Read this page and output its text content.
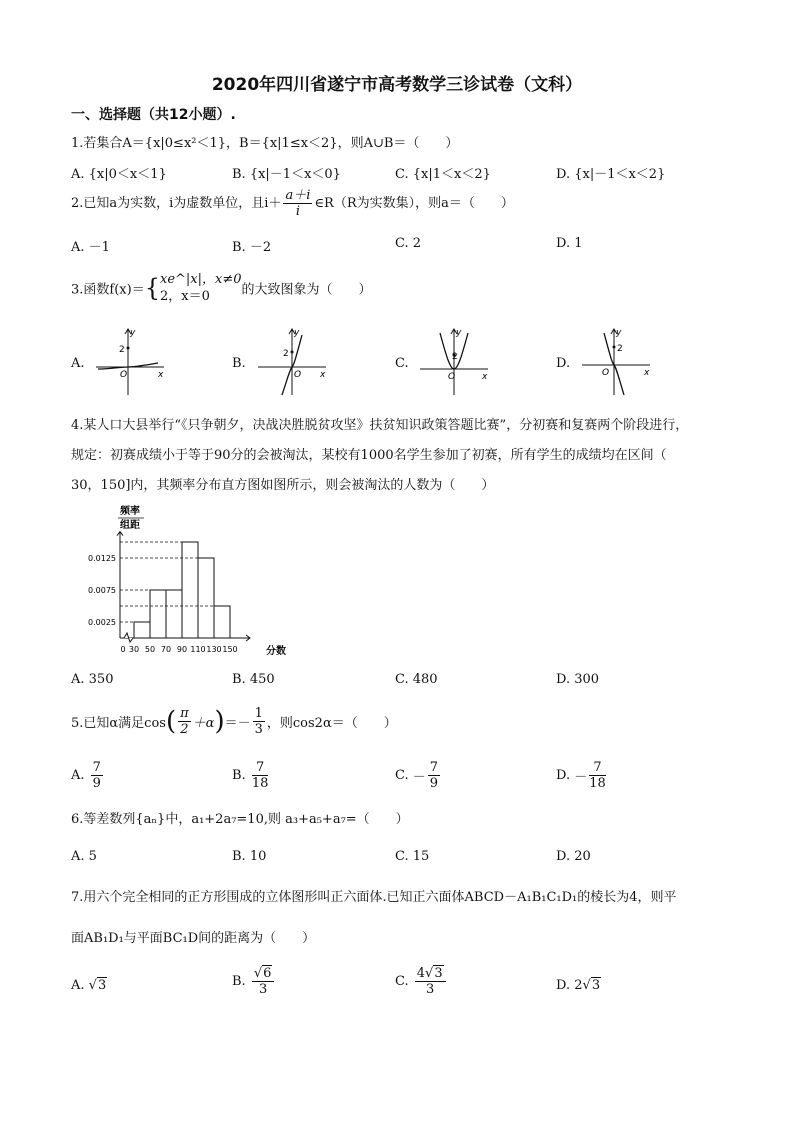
2020年四川省遂宁市高考数学三诊试卷（文科）
一、选择题（共12小题）.
1.若集合A＝{x|0≤x²＜1}，B＝{x|1≤x＜2}，则A∪B＝（　　）
A. {x|0＜x＜1}	B. {x|－1＜x＜0}	C. {x|1＜x＜2}	D. {x|－1＜x＜2}
2.已知a为实数，i为虚数单位，且$i+ \frac{a+i}{i}$ ∈R（R为实数集），则a＝（　　）
A. －1	B. －2	C. 2	D. 1
3.函数f(x)＝{ xe^|x|，x≠0
2，x＝0	的大致图象为（　　）
A.	B.	C.	D.
y
x
O
2
y
x
O
2
y
x
O
2
y
x
O
2
4.某人口大县举行“《只争朝夕，决战决胜脱贫攻坚》扶贫知识政策答题比赛”，分初赛和复赛两个阶段进行，
规定：初赛成绩小于等于90分的会被淘汰，某校有1000名学生参加了初赛，所有学生的成绩均在区间（
30，150]内，其频率分布直方图如图所示，则会被淘汰的人数为（　　）
频率
组距
分数
0.0025
0.0075
0.0125
0 30 50 70 90 110 130 150
A. 350	B. 450	C. 480	D. 300
5.已知α满足$\cos( \frac{\pi}{2} +\alpha)=- \frac{1}{3}$ ，则cos2α＝（　　）
A. $\frac{7}{9}$	B. $\frac{7}{18}$	C. － $\frac{7}{9}$	D. － $\frac{7}{18}$
6.等差数列{aₙ}中，a₁+2a₇=10,则 a₃+a₅+a₇=（　　）
A. 5	B. 10	C. 15	D. 20
7.用六个完全相同的正方形围成的立体图形叫正六面体.已知正六面体ABCD－A₁B₁C₁D₁的棱长为4，则平
面AB₁D₁与平面BC₁D间的距离为（　　）
A. √3	B. $\frac{√6}{3}$	C. $\frac{4√3}{3}$	D. 2√3
